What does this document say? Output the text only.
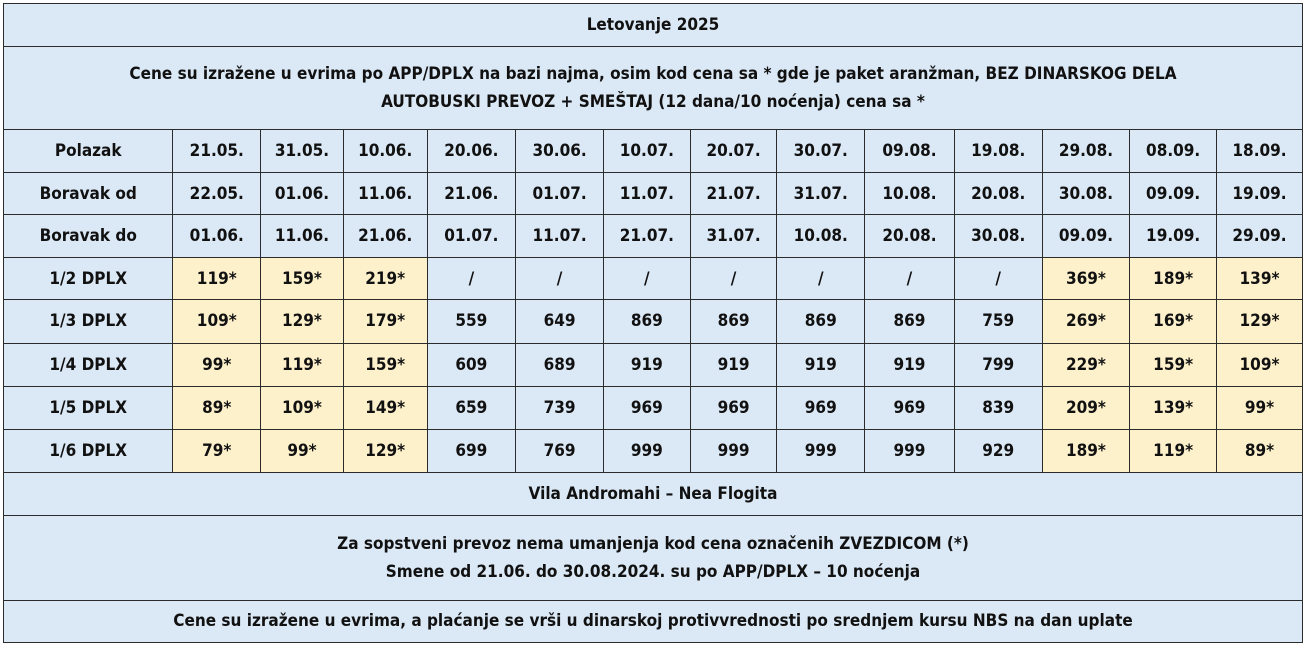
Letovanje 2025													

Cene su izražene u evrima po APP/DPLX na bazi najma, osim kod cena sa * gde je paket aranžman, BEZ DINARSKOG DELA
AUTOBUSKI PREVOZ + SMEŠTAJ (12 dana/10 noćenja) cena sa *													

Polazak	21.05.	31.05.	10.06.	20.06.	30.06.	10.07.	20.07.	30.07.	09.08.	19.08.	29.08.	08.09.	18.09.
Boravak od	22.05.	01.06.	11.06.	21.06.	01.07.	11.07.	21.07.	31.07.	10.08.	20.08.	30.08.	09.09.	19.09.
Boravak do	01.06.	11.06.	21.06.	01.07.	11.07.	21.07.	31.07.	10.08.	20.08.	30.08.	09.09.	19.09.	29.09.
1/2 DPLX	119*	159*	219*	/	/	/	/	/	/	/	369*	189*	139*
1/3 DPLX	109*	129*	179*	559	649	869	869	869	869	759	269*	169*	129*
1/4 DPLX	99*	119*	159*	609	689	919	919	919	919	799	229*	159*	109*
1/5 DPLX	89*	109*	149*	659	739	969	969	969	969	839	209*	139*	99*
1/6 DPLX	79*	99*	129*	699	769	999	999	999	999	929	189*	119*	89*
Vila Andromahi – Nea Flogita													

Za sopstveni prevoz nema umanjenja kod cena označenih ZVEZDICOM (*)
Smene od 21.06. do 30.08.2024. su po APP/DPLX – 10 noćenja													

Cene su izražene u evrima, a plaćanje se vrši u dinarskoj protivvrednosti po srednjem kursu NBS na dan uplate													
